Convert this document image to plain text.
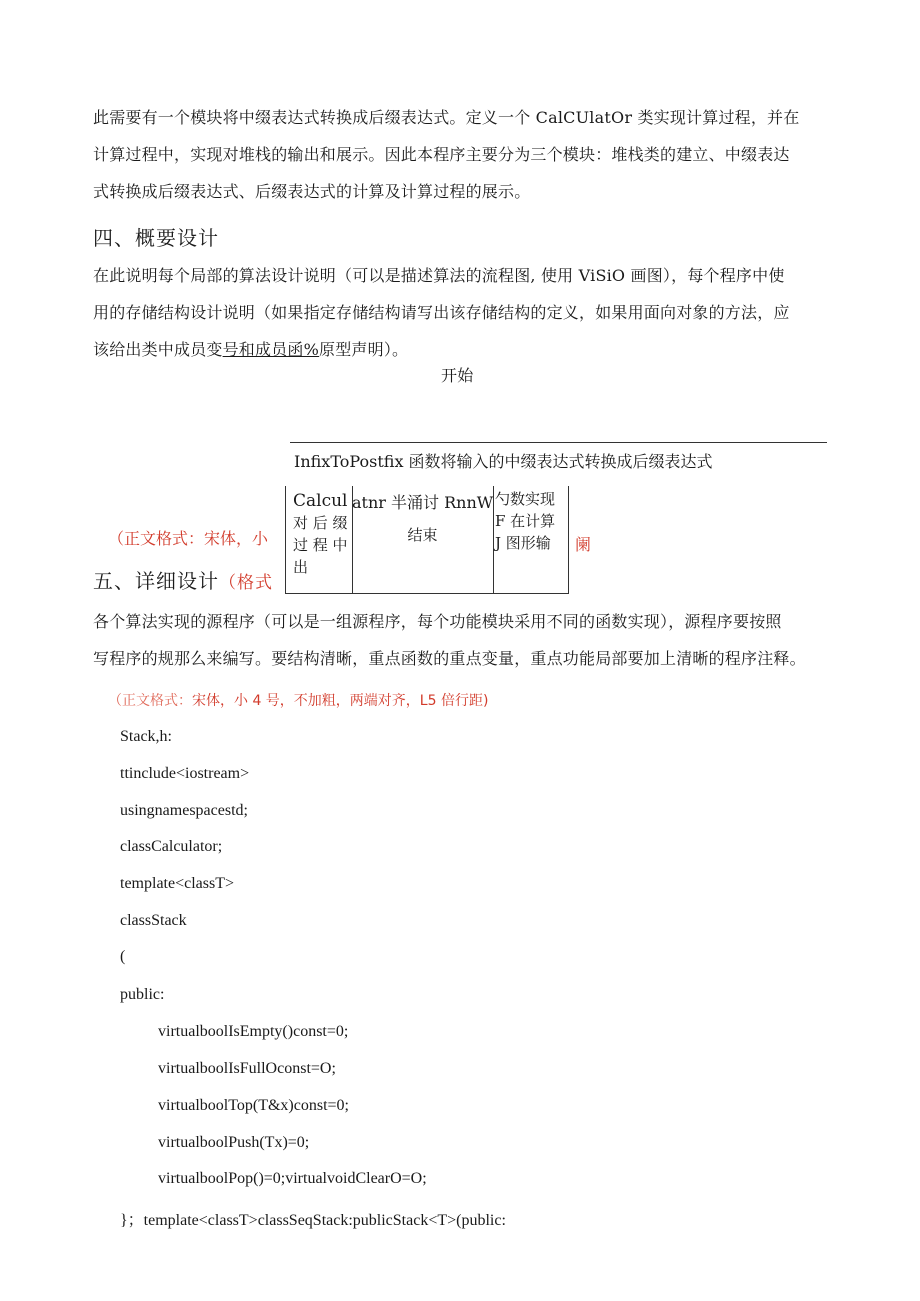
此需要有一个模块将中缀表达式转换成后缀表达式。定义一个 CalCUlatOr 类实现计算过程，并在
计算过程中，实现对堆栈的输出和展示。因此本程序主要分为三个模块：堆栈类的建立、中缀表达
式转换成后缀表达式、后缀表达式的计算及计算过程的展示。
四、概要设计
在此说明每个局部的算法设计说明（可以是描述算法的流程图, 使用 ViSiO 画图），每个程序中使
用的存储结构设计说明（如果指定存储结构请写出该存储结构的定义，如果用面向对象的方法，应
该给出类中成员变号和成员函%原型声明）。
开始
InfixToPostfix 函数将输入的中缀表达式转换成后缀表达式
Calcul
对 后 缀
过 程 中
出
atnr 半涌讨 RnnW
结束
勺数实现
F 在计算
J 图形输
（正文格式：宋体，小	阑
五、详细设计（格式
各个算法实现的源程序（可以是一组源程序，每个功能模块采用不同的函数实现），源程序要按照
写程序的规那么来编写。要结构清晰，重点函数的重点变量，重点功能局部要加上清晰的程序注释。
（正文格式：宋体，小 4 号，不加粗，两端对齐，L5 倍行距)
Stack,h:
ttinclude<iostream>
usingnamespacestd;
classCalculator;
template<classT>
classStack
(
public:
virtualboolIsEmpty()const=0;
virtualboolIsFullOconst=O;
virtualboolTop(T&x)const=0;
virtualboolPush(Tx)=0;
virtualboolPop()=0;virtualvoidClearO=O;
}；template<classT>classSeqStack:publicStack<T>(public:
